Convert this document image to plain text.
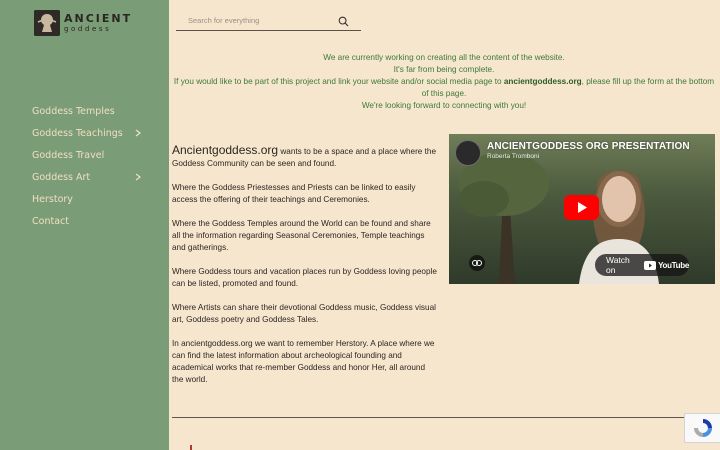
ANCIENT
goddess
Goddess Temples
Goddess Teachings
Goddess Travel
Goddess Art
Herstory
Contact
Search for everything
We are currently working on creating all the content of the website.
It's far from being complete.
If you would like to be part of this project and link your website and/or social media page to ancientgoddess.org, please fill up the form at the bottom of this page.
We're looking forward to connecting with you!

Ancientgoddess.org wants to be a space and a place where the Goddess Community can be seen and found.

Where the Goddess Priestesses and Priests can be linked to easily access the offering of their teachings and Ceremonies.

Where the Goddess Temples around the World can be found and share all the information regarding Seasonal Ceremonies, Temple teachings and gatherings.

Where Goddess tours and vacation places run by Goddess loving people can be listed, promoted and found.

Where Artists can share their devotional Goddess music, Goddess visual art, Goddess poetry and Goddess Tales.

In ancientgoddess.org we want to remember Herstory. A place where we can find the latest information about archeological founding and academical works that re-member Goddess and honor Her, all around the world.

ANCIENTGODDESS ORG PRESENTATION
Roberta Tromboni
Watch on	YouTube
